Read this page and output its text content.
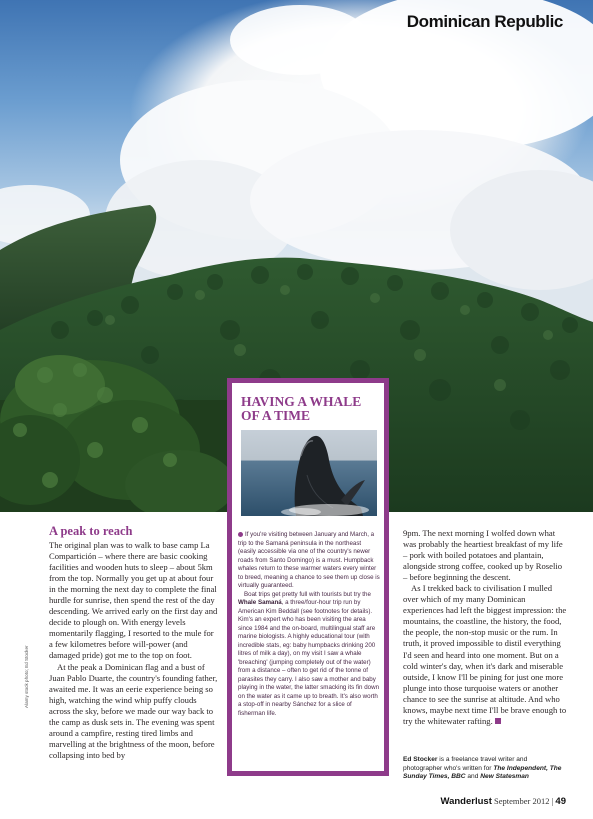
Dominican Republic
HAVING A WHALE OF A TIME

If you're visiting between January and March, a trip to the Samaná peninsula in the northeast (easily accessible via one of the country's newer roads from Santo Domingo) is a must. Humpback whales return to these warmer waters every winter to breed, meaning a chance to see them up close is virtually guaranteed.

Boat trips get pretty full with tourists but try the Whale Samaná, a three/four-hour trip run by American Kim Beddall (see footnotes for details). Kim's an expert who has been visiting the area since 1984 and the on-board, multilingual staff are marine biologists. A highly educational tour (with incredible stats, eg: baby humpbacks drinking 200 litres of milk a day), on my visit I saw a whale 'breaching' (jumping completely out of the water) from a distance – often to get rid of the tonne of parasites they carry. I also saw a mother and baby playing in the water, the latter smacking its fin down on the water as it came up to breath. It's also worth a stop-off in nearby Sánchez for a slice of fisherman life.

A peak to reach

The original plan was to walk to base camp La Compartición – where there are basic cooking facilities and wooden huts to sleep – about 5km from the top. Normally you get up at about four in the morning the next day to complete the final hurdle for sunrise, then spend the rest of the day descending. We arrived early on the first day and decide to plough on. With energy levels momentarily flagging, I resorted to the mule for a few kilometres before will-power (and damaged pride) got me to the top on foot.

At the peak a Dominican flag and a bust of Juan Pablo Duarte, the country's founding father, awaited me. It was an eerie experience being so high, watching the wind whip puffy clouds across the sky, before we made our way back to the camp as dusk sets in. The evening was spent around a campfire, resting tired limbs and marvelling at the brightness of the moon, before collapsing into bed by

9pm. The next morning I wolfed down what was probably the heartiest breakfast of my life – pork with boiled potatoes and plantain, alongside strong coffee, cooked up by Roselio – before beginning the descent.

As I trekked back to civilisation I mulled over which of my many Dominican experiences had left the biggest impression: the mountains, the coastline, the history, the food, the people, the non-stop music or the rum. In truth, it proved impossible to distil everything I'd seen and heard into one moment. But on a cold winter's day, when it's dark and miserable outside, I know I'll be pining for just one more plunge into those turquoise waters or another chance to see the sunrise at altitude. And who knows, maybe next time I'll be brave enough to try the whitewater rafting.

Ed Stocker is a freelance travel writer and photographer who's written for The Independent, The Sunday Times, BBC and New Statesman
Alamy stock photo; Ed Stocker
Wanderlust September 2012 | 49
